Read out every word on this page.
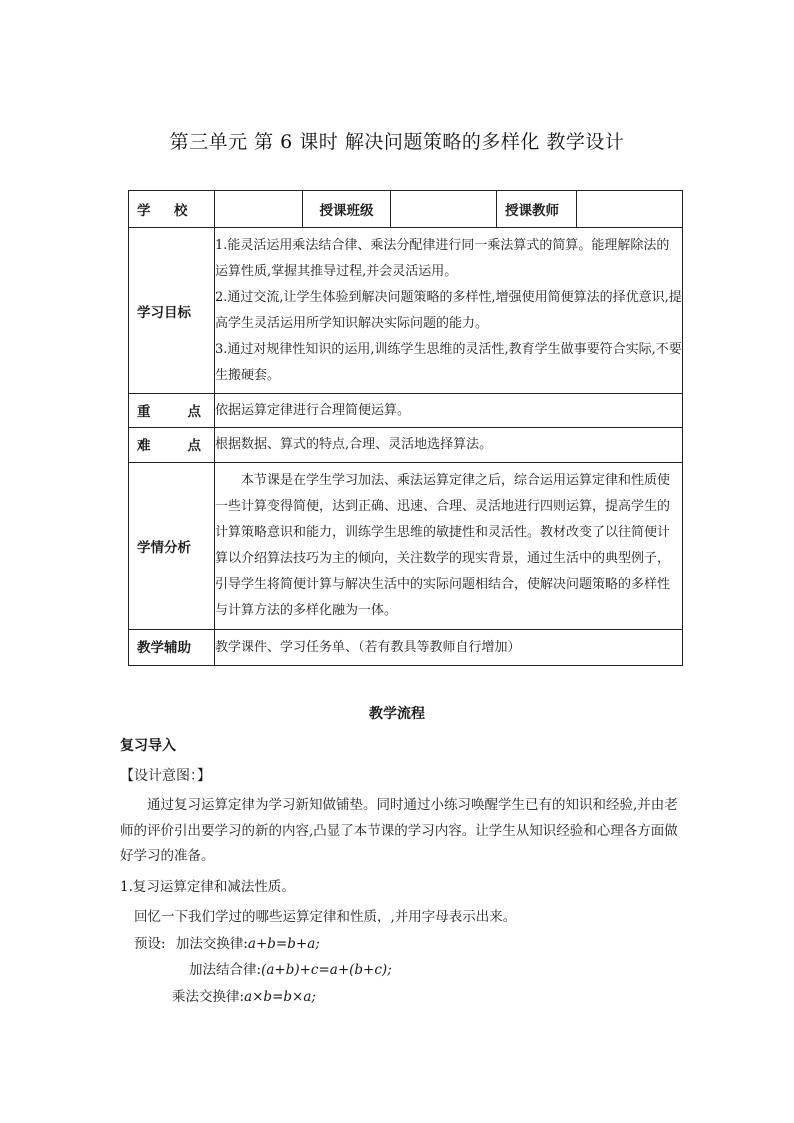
第三单元 第 6 课时 解决问题策略的多样化 教学设计
学     校		授课班级		授课教师	
学习目标	1.能灵活运用乘法结合律、乘法分配律进行同一乘法算式的简算。能理解除法的运算性质,掌握其推导过程,并会灵活运用。
2.通过交流,让学生体验到解决问题策略的多样性,增强使用简便算法的择优意识,提高学生灵活运用所学知识解决实际问题的能力。
3.通过对规律性知识的运用,训练学生思维的灵活性,教育学生做事要符合实际,不要生搬硬套。				

重 点	依据运算定律进行合理简便运算。				

难 点	根据数据、算式的特点,合理、灵活地选择算法。				
学情分析	本节课是在学生学习加法、乘法运算定律之后，综合运用运算定律和性质使一些计算变得简便，达到正确、迅速、合理、灵活地进行四则运算，提高学生的计算策略意识和能力，训练学生思维的敏捷性和灵活性。教材改变了以往简便计算以介绍算法技巧为主的倾向，关注数学的现实背景，通过生活中的典型例子，引导学生将简便计算与解决生活中的实际问题相结合，使解决问题策略的多样性与计算方法的多样化融为一体。				
教学辅助	教学课件、学习任务单、（若有教具等教师自行增加）				
教学流程
复习导入
【设计意图：】
通过复习运算定律为学习新知做铺垫。同时通过小练习唤醒学生已有的知识和经验,并由老师的评价引出要学习的新的内容,凸显了本节课的学习内容。让学生从知识经验和心理各方面做好学习的准备。
1.复习运算定律和减法性质。
回忆一下我们学过的哪些运算定律和性质，,并用字母表示出来。
预设: 加法交换律:a+b=b+a;
加法结合律:(a+b)+c=a+(b+c);
乘法交换律:a×b=b×a;
